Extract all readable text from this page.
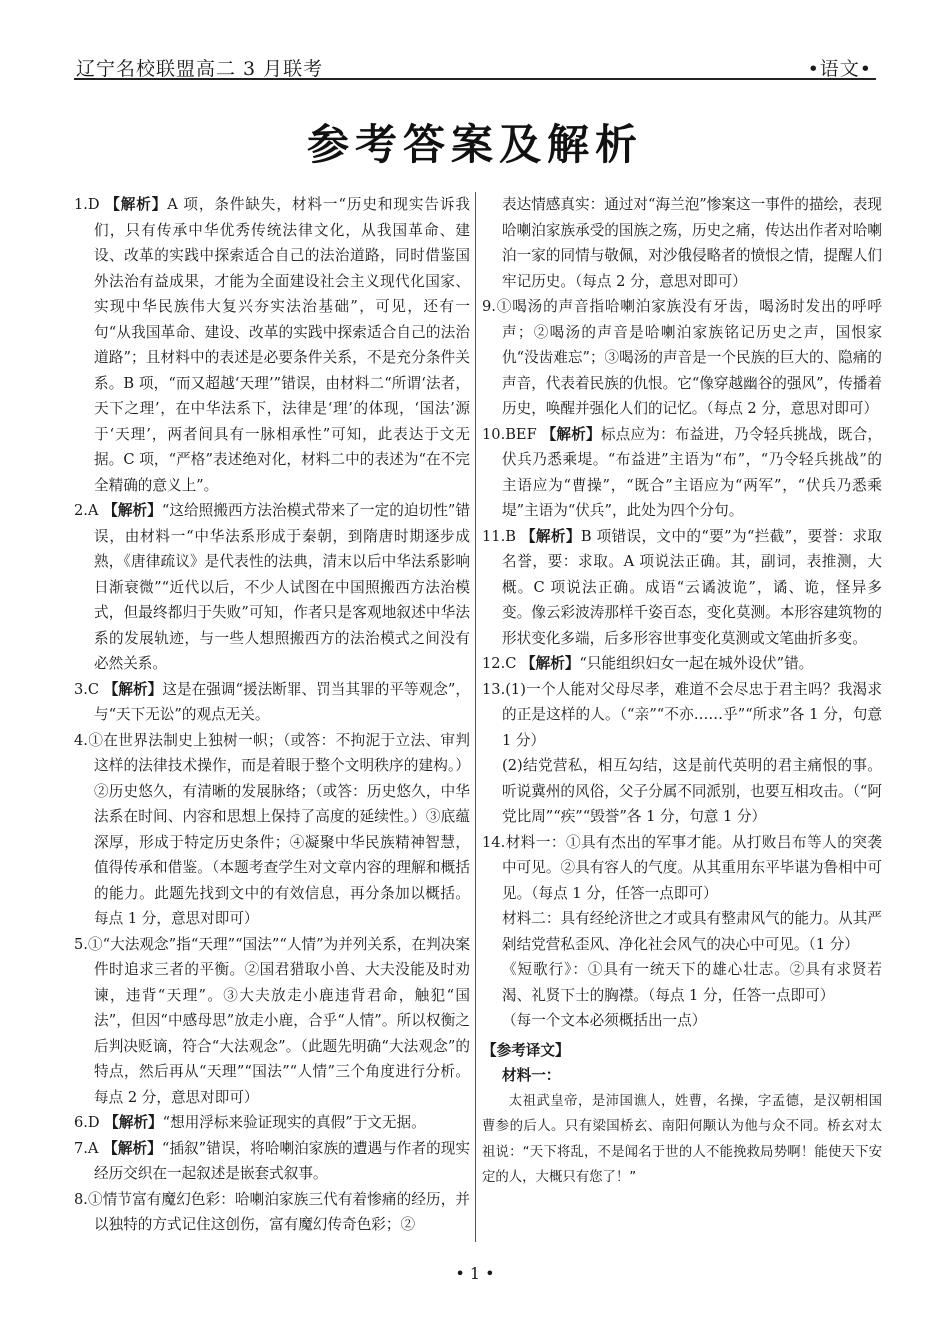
辽宁名校联盟高二 3 月联考	•语文•
参考答案及解析

1.D 【解析】A 项，条件缺失，材料一“历史和现实告诉我们，只有传承中华优秀传统法律文化，从我国革命、建设、改革的实践中探索适合自己的法治道路，同时借鉴国外法治有益成果，才能为全面建设社会主义现代化国家、实现中华民族伟大复兴夯实法治基础”，可见，还有一句“从我国革命、建设、改革的实践中探索适合自己的法治道路”；且材料中的表述是必要条件关系，不是充分条件关系。B 项，“而又超越‘天理’”错误，由材料二“所谓‘法者，天下之理’，在中华法系下，法律是‘理’的体现，‘国法’源于‘天理’，两者间具有一脉相承性”可知，此表达于文无据。C 项，“严格”表述绝对化，材料二中的表述为“在不完全精确的意义上”。

2.A 【解析】“这给照搬西方法治模式带来了一定的迫切性”错误，由材料一“中华法系形成于秦朝，到隋唐时期逐步成熟，《唐律疏议》是代表性的法典，清末以后中华法系影响日渐衰微”“近代以后，不少人试图在中国照搬西方法治模式，但最终都归于失败”可知，作者只是客观地叙述中华法系的发展轨迹，与一些人想照搬西方的法治模式之间没有必然关系。

3.C 【解析】这是在强调“援法断罪、罚当其罪的平等观念”，与“天下无讼”的观点无关。

4.①在世界法制史上独树一帜；（或答：不拘泥于立法、审判这样的法律技术操作，而是着眼于整个文明秩序的建构。）②历史悠久，有清晰的发展脉络；（或答：历史悠久，中华法系在时间、内容和思想上保持了高度的延续性。）③底蕴深厚，形成于特定历史条件；④凝聚中华民族精神智慧，值得传承和借鉴。（本题考查学生对文章内容的理解和概括的能力。此题先找到文中的有效信息，再分条加以概括。每点 1 分，意思对即可）

5.①“大法观念”指“天理”“国法”“人情”为并列关系，在判决案件时追求三者的平衡。②国君猎取小兽、大夫没能及时劝谏，违背“天理”。③大夫放走小鹿违背君命，触犯“国法”，但因“中感母思”放走小鹿，合乎“人情”。所以权衡之后判决贬谪，符合“大法观念”。（此题先明确“大法观念”的特点，然后再从“天理”“国法”“人情”三个角度进行分析。每点 2 分，意思对即可）

6.D 【解析】“想用浮标来验证现实的真假”于文无据。

7.A 【解析】“插叙”错误，将哈喇泊家族的遭遇与作者的现实经历交织在一起叙述是嵌套式叙事。

8.①情节富有魔幻色彩：哈喇泊家族三代有着惨痛的经历，并以独特的方式记住这创伤，富有魔幻传奇色彩；②

表达情感真实：通过对“海兰泡”惨案这一事件的描绘，表现哈喇泊家族承受的国族之殇，历史之痛，传达出作者对哈喇泊一家的同情与敬佩，对沙俄侵略者的愤恨之情，提醒人们牢记历史。（每点 2 分，意思对即可）

9.①喝汤的声音指哈喇泊家族没有牙齿，喝汤时发出的呼呼声；②喝汤的声音是哈喇泊家族铭记历史之声，国恨家仇“没齿难忘”；③喝汤的声音是一个民族的巨大的、隐痛的声音，代表着民族的仇恨。它“像穿越幽谷的强风”，传播着历史，唤醒并强化人们的记忆。（每点 2 分，意思对即可）

10.BEF 【解析】标点应为：布益进，乃令轻兵挑战，既合，伏兵乃悉乘堤。“布益进”主语为“布”，“乃令轻兵挑战”的主语应为“曹操”，“既合”主语应为“两军”，“伏兵乃悉乘堤”主语为“伏兵”，此处为四个分句。

11.B 【解析】B 项错误，文中的“要”为“拦截”，要誉：求取名誉，要：求取。A 项说法正确。其，副词，表推测，大概。C 项说法正确。成语“云谲波诡”，谲、诡，怪异多变。像云彩波涛那样千姿百态，变化莫测。本形容建筑物的形状变化多端，后多形容世事变化莫测或文笔曲折多变。

12.C 【解析】“只能组织妇女一起在城外设伏”错。

13.(1)一个人能对父母尽孝，难道不会尽忠于君主吗？我渴求的正是这样的人。（“亲”“不亦……乎”“所求”各 1 分，句意 1 分）

(2)结党营私，相互勾结，这是前代英明的君主痛恨的事。听说冀州的风俗，父子分属不同派别，也要互相攻击。（“阿党比周”“疾”“毁誉”各 1 分，句意 1 分）

14.材料一：①具有杰出的军事才能。从打败吕布等人的突袭中可见。②具有容人的气度。从其重用东平毕谌为鲁相中可见。（每点 1 分，任答一点即可）

材料二：具有经纶济世之才或具有整肃风气的能力。从其严剁结党营私歪风、净化社会风气的决心中可见。（1 分）

《短歌行》：①具有一统天下的雄心壮志。②具有求贤若渴、礼贤下士的胸襟。（每点 1 分，任答一点即可）

（每一个文本必须概括出一点）

【参考译文】

材料一：

太祖武皇帝，是沛国谯人，姓曹，名操，字孟德，是汉朝相国曹参的后人。只有梁国桥玄、南阳何颙认为他与众不同。桥玄对太祖说：“天下将乱，不是闻名于世的人不能挽救局势啊！能使天下安定的人，大概只有您了！”

• 1 •
